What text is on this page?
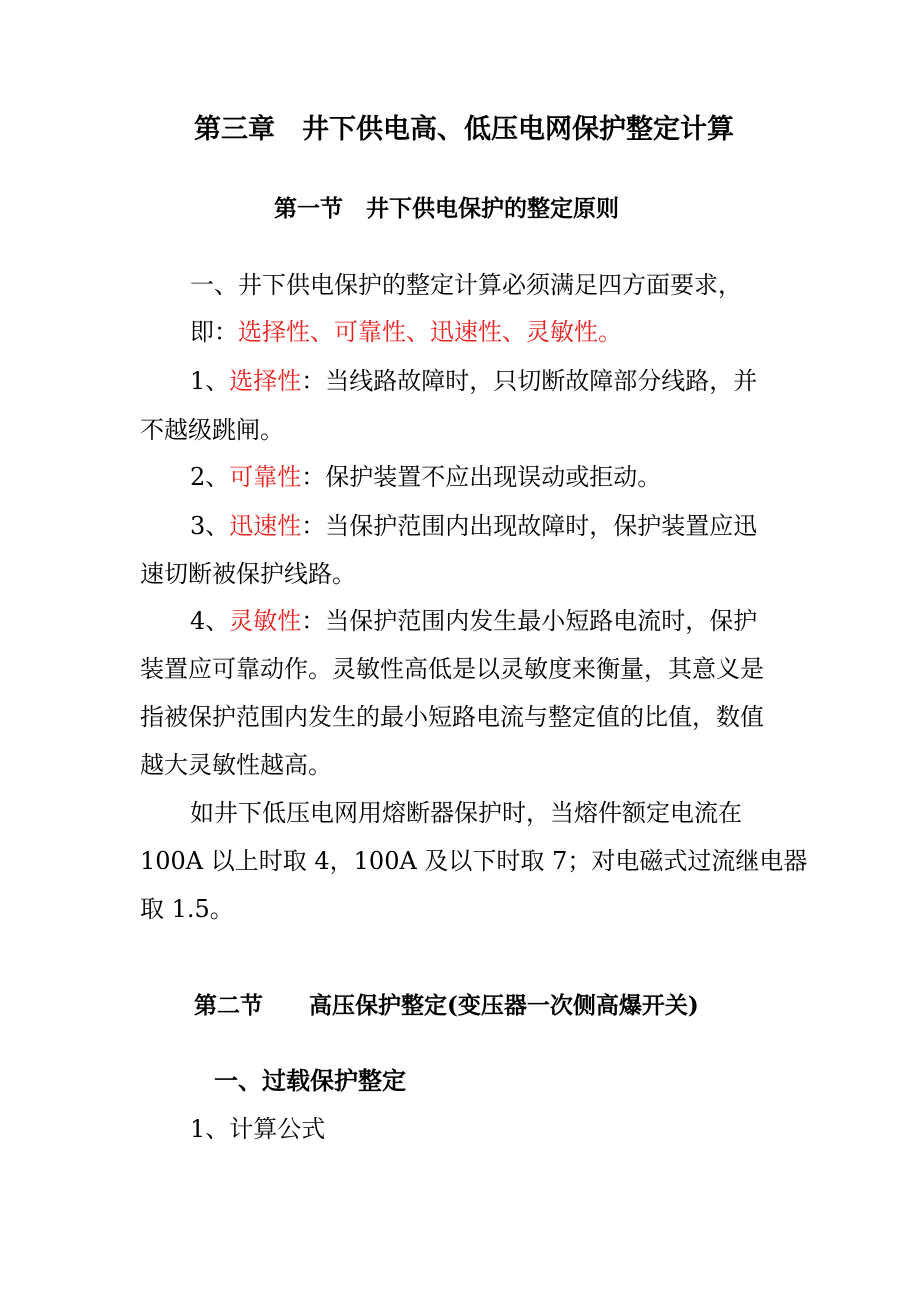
第三章　井下供电高、低压电网保护整定计算
第一节　井下供电保护的整定原则
一、井下供电保护的整定计算必须满足四方面要求，
即：选择性、可靠性、迅速性、灵敏性。
1、选择性：当线路故障时，只切断故障部分线路，并
不越级跳闸。
2、可靠性：保护装置不应出现误动或拒动。
3、迅速性：当保护范围内出现故障时，保护装置应迅
速切断被保护线路。
4、灵敏性：当保护范围内发生最小短路电流时，保护
装置应可靠动作。灵敏性高低是以灵敏度来衡量，其意义是
指被保护范围内发生的最小短路电流与整定值的比值，数值
越大灵敏性越高。
如井下低压电网用熔断器保护时，当熔件额定电流在
100A 以上时取 4，100A 及以下时取 7；对电磁式过流继电器
取 1.5。
第二节　　高压保护整定(变压器一次侧高爆开关)
一、过载保护整定
1、计算公式
